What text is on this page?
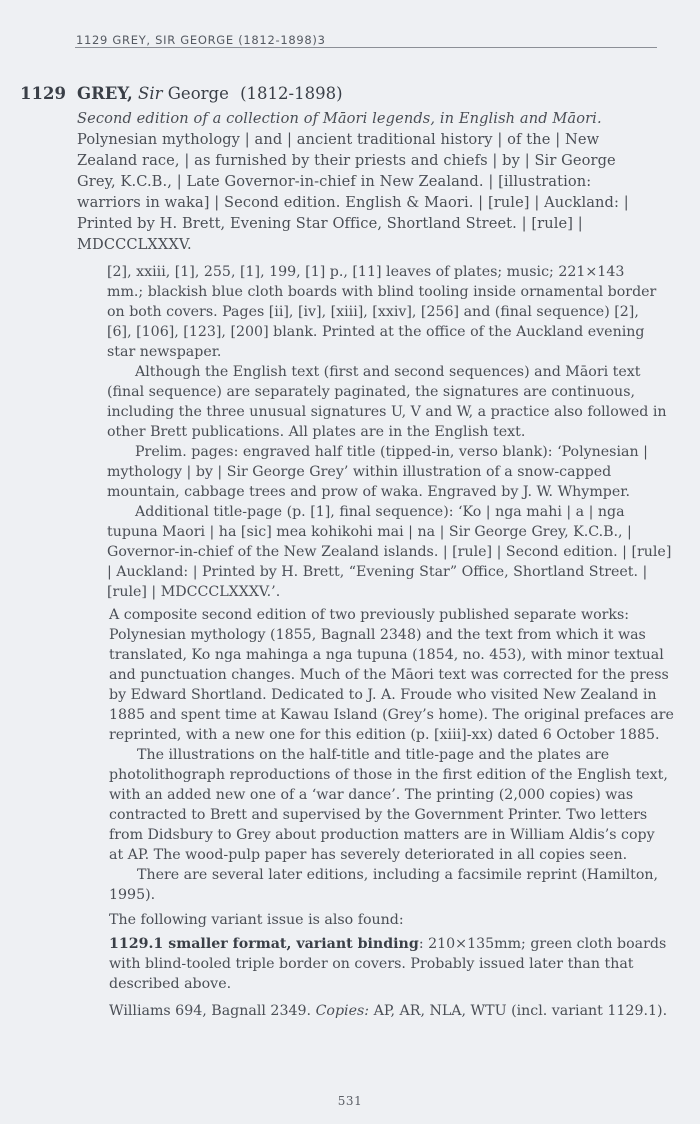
1129 GREY, SIR GEORGE (1812-1898)3
1129 GREY, Sir George (1812-1898)
Second edition of a collection of Māori legends, in English and Māori.
Polynesian mythology | and | ancient traditional history | of the | New
Zealand race, | as furnished by their priests and chiefs | by | Sir George
Grey, K.C.B., | Late Governor-in-chief in New Zealand. | [illustration:
warriors in waka] | Second edition. English & Maori. | [rule] | Auckland: |
Printed by H. Brett, Evening Star Office, Shortland Street. | [rule] |
MDCCCLXXXV.
[2], xxiii, [1], 255, [1], 199, [1] p., [11] leaves of plates; music; 221×143
mm.; blackish blue cloth boards with blind tooling inside ornamental border
on both covers. Pages [ii], [iv], [xiii], [xxiv], [256] and (final sequence) [2],
[6], [106], [123], [200] blank. Printed at the office of the Auckland evening
star newspaper.
Although the English text (first and second sequences) and Māori text
(final sequence) are separately paginated, the signatures are continuous,
including the three unusual signatures U, V and W, a practice also followed in
other Brett publications. All plates are in the English text.
Prelim. pages: engraved half title (tipped-in, verso blank): ‘Polynesian |
mythology | by | Sir George Grey’ within illustration of a snow-capped
mountain, cabbage trees and prow of waka. Engraved by J. W. Whymper.
Additional title-page (p. [1], final sequence): ‘Ko | nga mahi | a | nga
tupuna Maori | ha [sic] mea kohikohi mai | na | Sir George Grey, K.C.B., |
Governor-in-chief of the New Zealand islands. | [rule] | Second edition. | [rule]
| Auckland: | Printed by H. Brett, “Evening Star” Office, Shortland Street. |
[rule] | MDCCCLXXXV.’.
A composite second edition of two previously published separate works:
Polynesian mythology (1855, Bagnall 2348) and the text from which it was
translated, Ko nga mahinga a nga tupuna (1854, no. 453), with minor textual
and punctuation changes. Much of the Māori text was corrected for the press
by Edward Shortland. Dedicated to J. A. Froude who visited New Zealand in
1885 and spent time at Kawau Island (Grey’s home). The original prefaces are
reprinted, with a new one for this edition (p. [xiii]-xx) dated 6 October 1885.
The illustrations on the half-title and title-page and the plates are
photolithograph reproductions of those in the first edition of the English text,
with an added new one of a ‘war dance’. The printing (2,000 copies) was
contracted to Brett and supervised by the Government Printer. Two letters
from Didsbury to Grey about production matters are in William Aldis’s copy
at AP. The wood-pulp paper has severely deteriorated in all copies seen.
There are several later editions, including a facsimile reprint (Hamilton,
1995).
The following variant issue is also found:
1129.1 smaller format, variant binding: 210×135mm; green cloth boards
with blind-tooled triple border on covers. Probably issued later than that
described above.
Williams 694, Bagnall 2349. Copies: AP, AR, NLA, WTU (incl. variant 1129.1).
531
